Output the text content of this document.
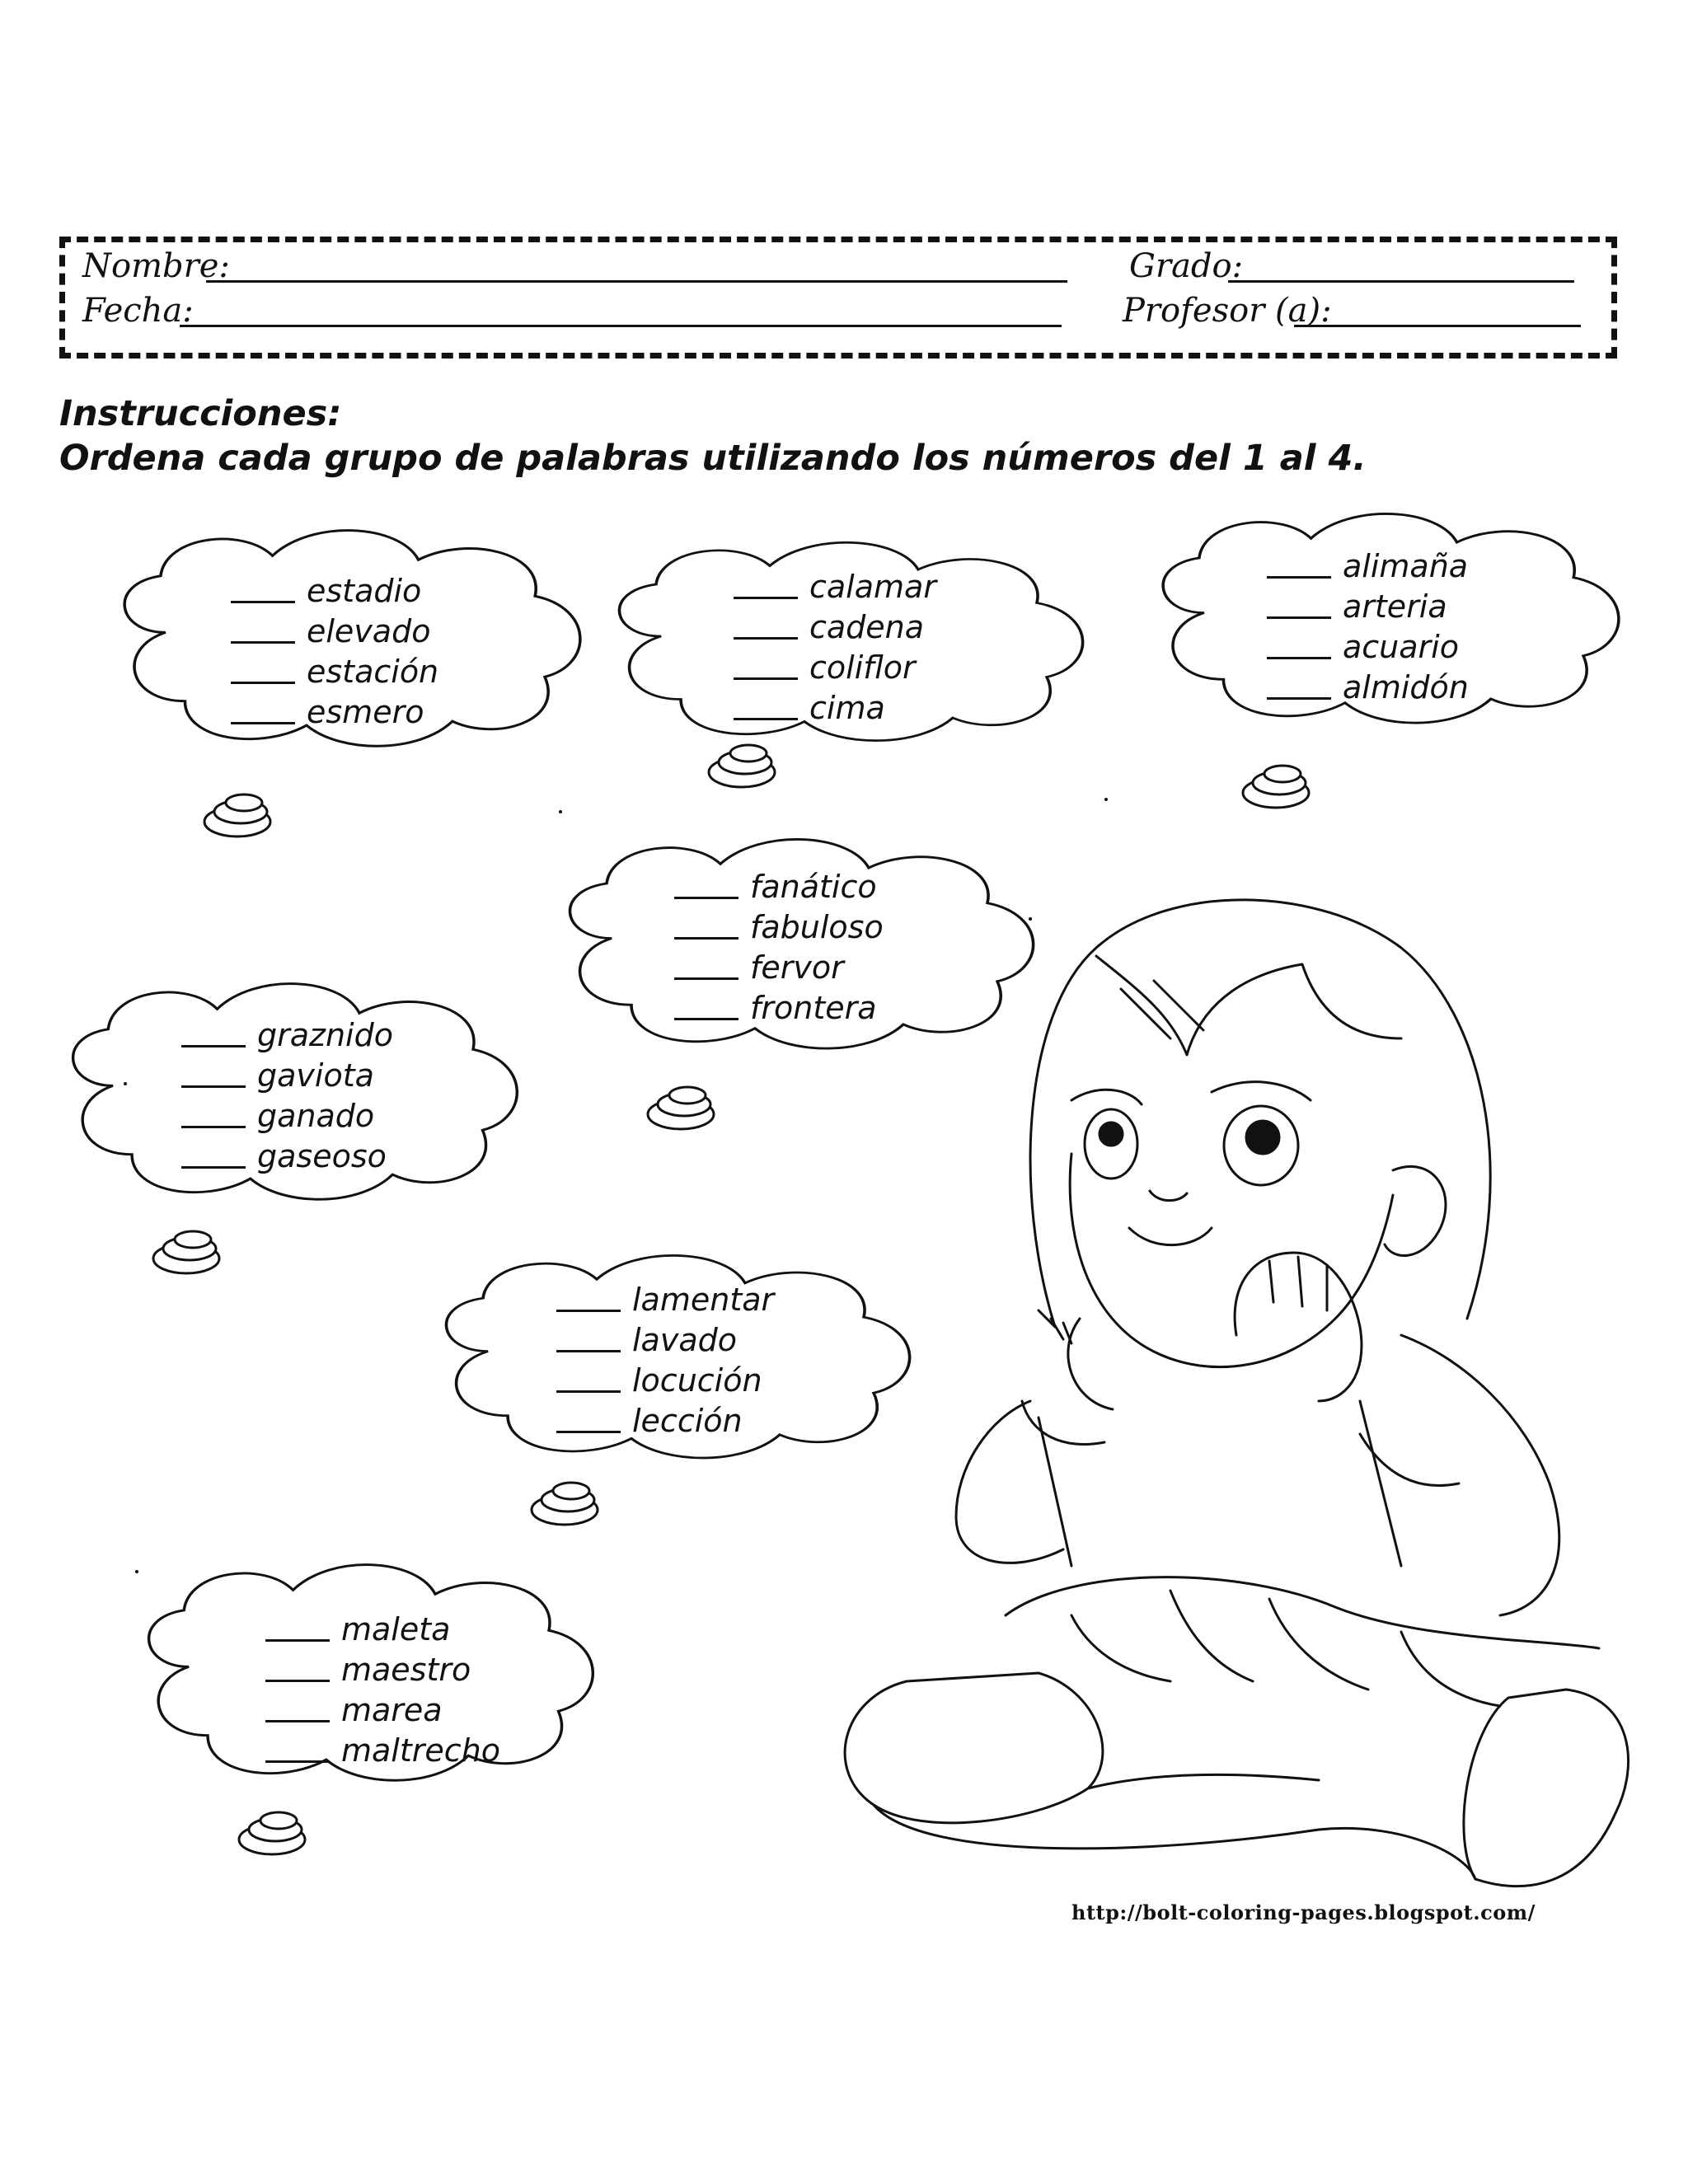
Nombre:	Grado:
Fecha:	Profesor (a):
Instrucciones:
Ordena cada grupo de palabras utilizando los números del 1 al 4.
estadio
elevado
estación
esmero
calamar
cadena
coliflor
cima
alimaña
arteria
acuario
almidón
fanático
fabuloso
fervor
frontera
graznido
gaviota
ganado
gaseoso
lamentar
lavado
locución
lección
maleta
maestro
marea
maltrecho
http://bolt-coloring-pages.blogspot.com/
